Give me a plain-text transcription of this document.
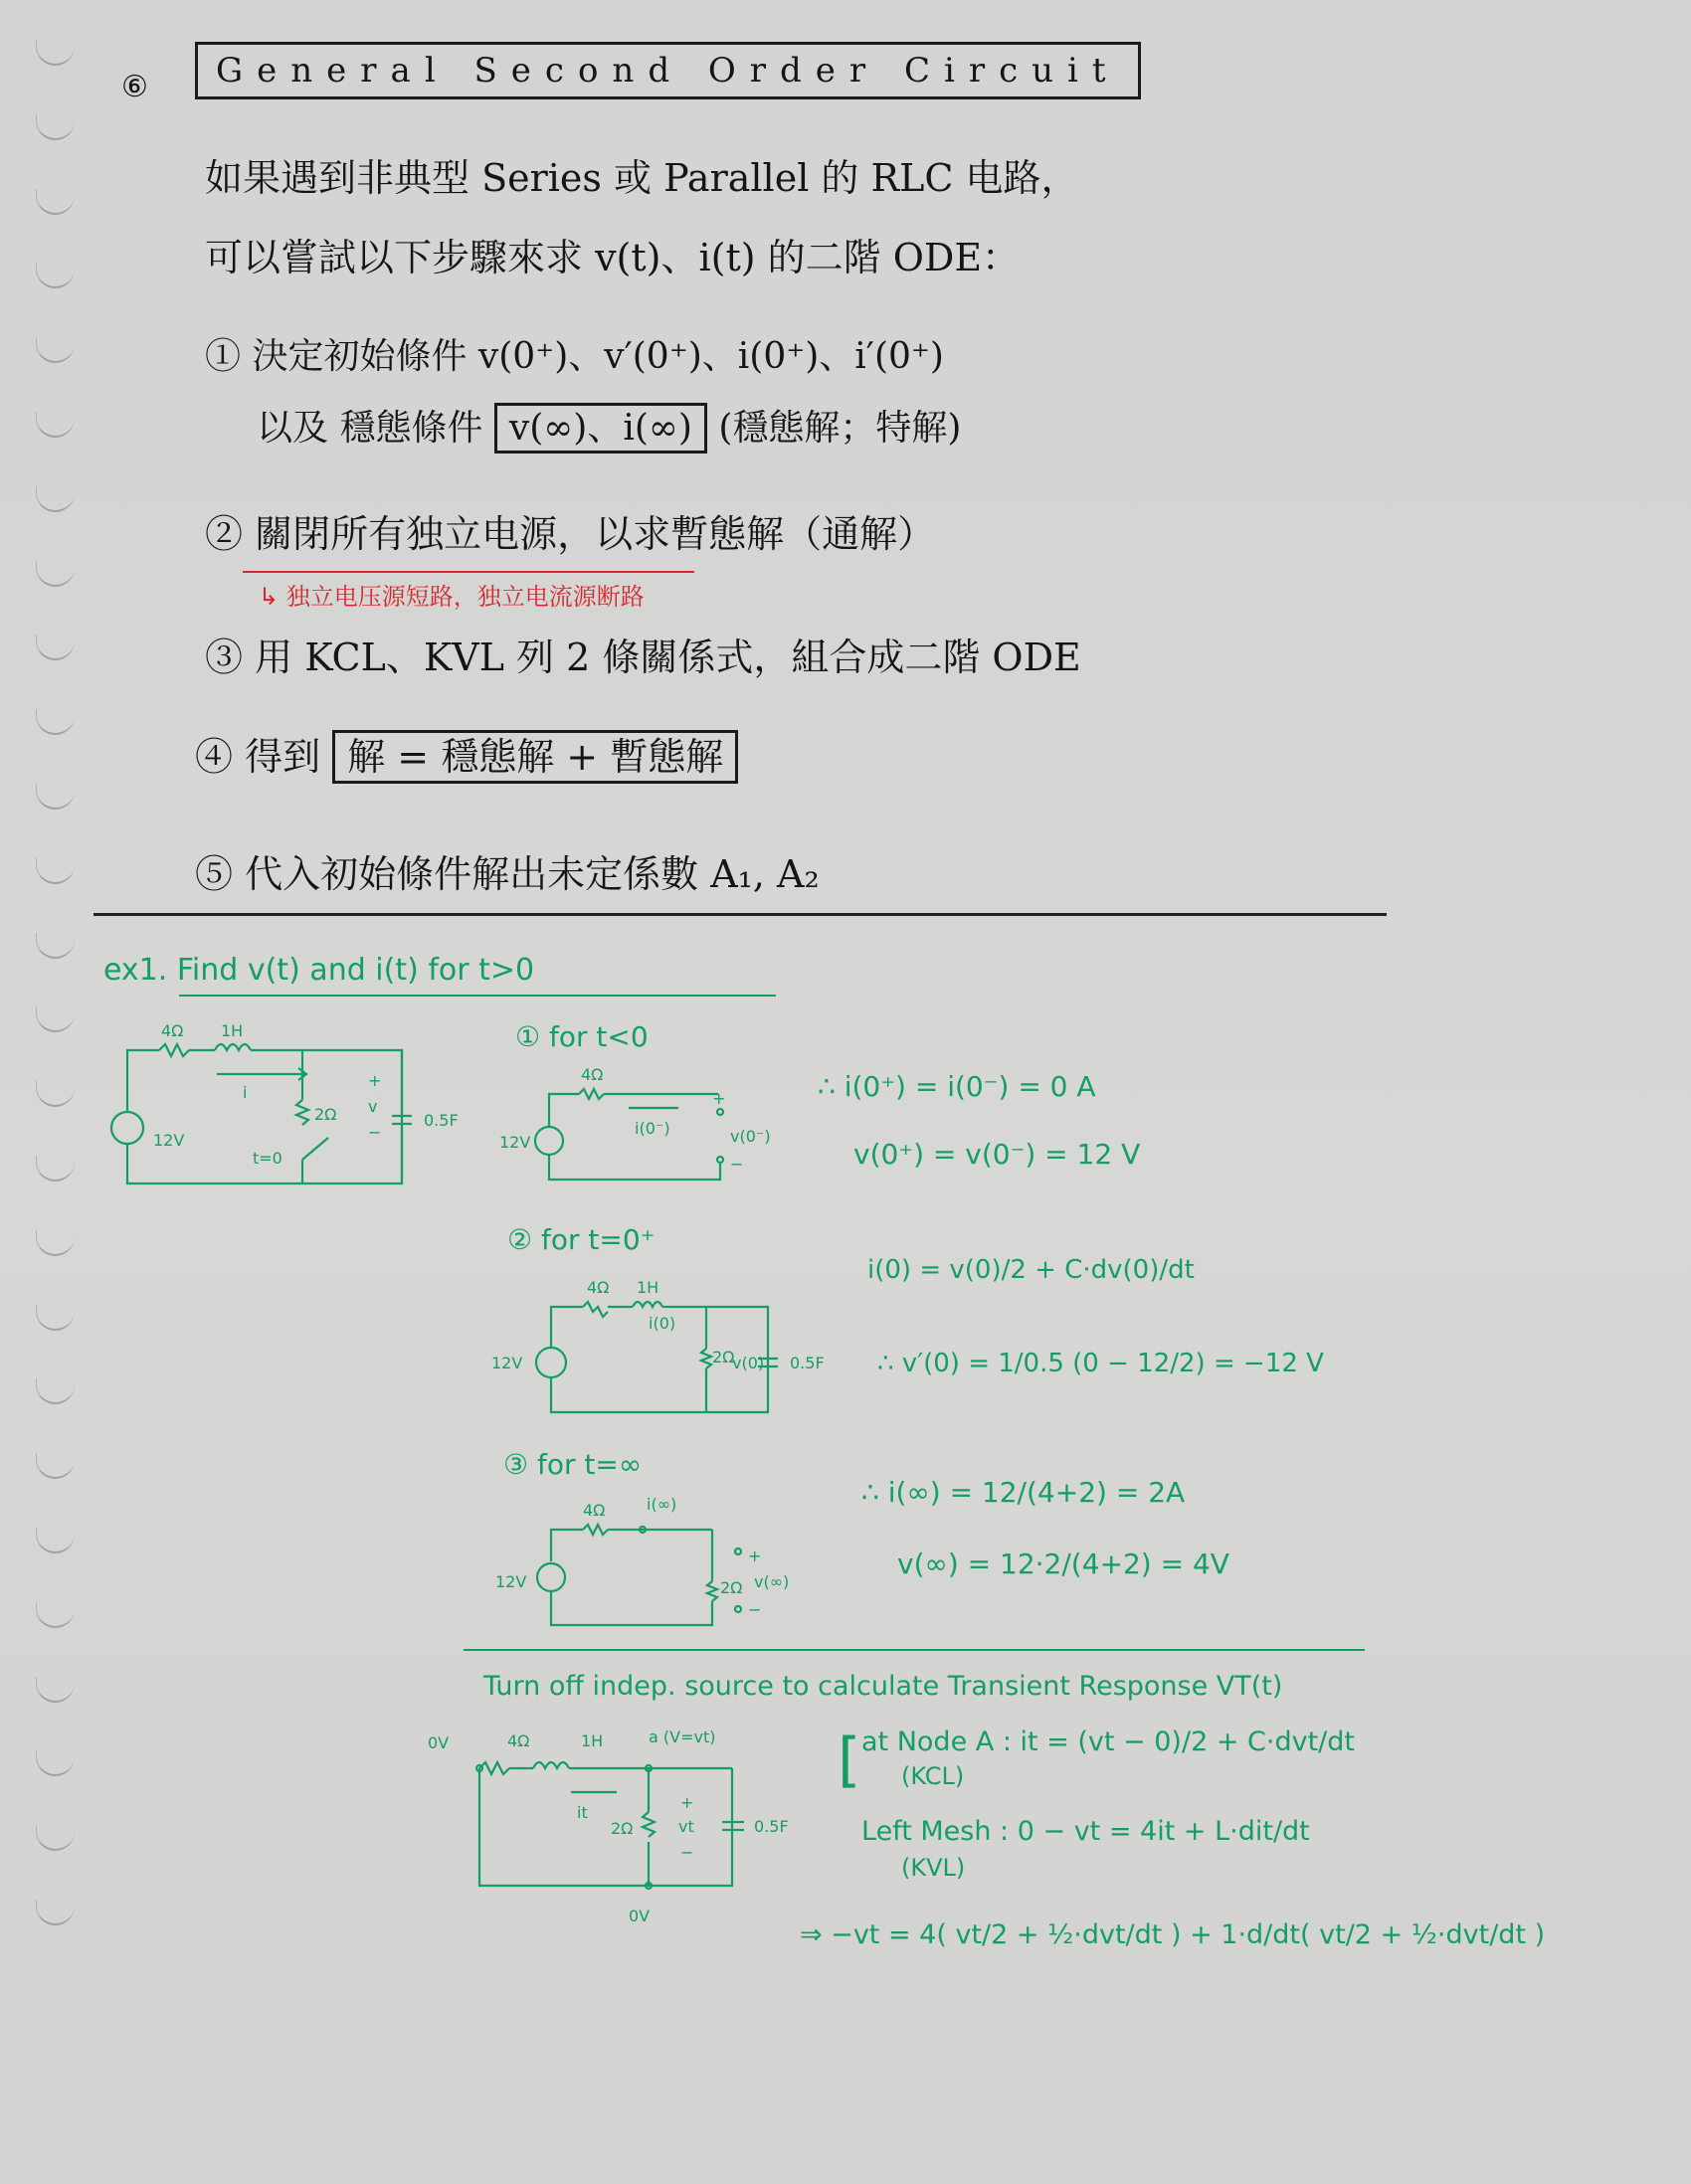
⑥	General Second Order Circuit
如果遇到非典型 Series 或 Parallel 的 RLC 电路，
可以嘗試以下步驟來求 v(t)、i(t) 的二階 ODE：
① 決定初始條件 v(0⁺)、v′(0⁺)、i(0⁺)、i′(0⁺)
以及 穩態條件 v(∞)、i(∞) (穩態解；特解)
② 關閉所有独立电源，以求暫態解（通解）
↳ 独立电压源短路，独立电流源断路
③ 用 KCL、KVL 列 2 條關係式，組合成二階 ODE
④ 得到 解 = 穩態解 + 暫態解
⑤ 代入初始條件解出未定係數 A₁, A₂
ex1. Find v(t) and i(t) for t>0
4Ω 1H
i
2Ω
+
v
−
0.5F
12V
t=0
① for t<0
4Ω
12V
i(0⁻)
+
v(0⁻)
−
∴ i(0⁺) = i(0⁻) = 0 A
v(0⁺) = v(0⁻) = 12 V
② for t=0⁺
4Ω 1H
12V
i(0)
2Ω
v(0) 0.5F
i(0) = v(0)/2 + C·dv(0)/dt
∴ v′(0) = 1/0.5 (0 − 12/2) = −12 V
③ for t=∞
4Ω	i(∞)
12V	2Ω
+
v(∞)
−
∴ i(∞) = 12/(4+2) = 2A
v(∞) = 12·2/(4+2) = 4V
Turn off indep. source to calculate Transient Response VT(t)
0V	4Ω	1H	a (V=vt)
it
2Ω
+
vt
−
0.5F
0V
[ at Node A : it = (vt − 0)/2 + C·dvt/dt
(KCL)
Left Mesh : 0 − vt = 4it + L·dit/dt
(KVL)
⇒ −vt = 4( vt/2 + ½·dvt/dt ) + 1·d/dt( vt/2 + ½·dvt/dt )
